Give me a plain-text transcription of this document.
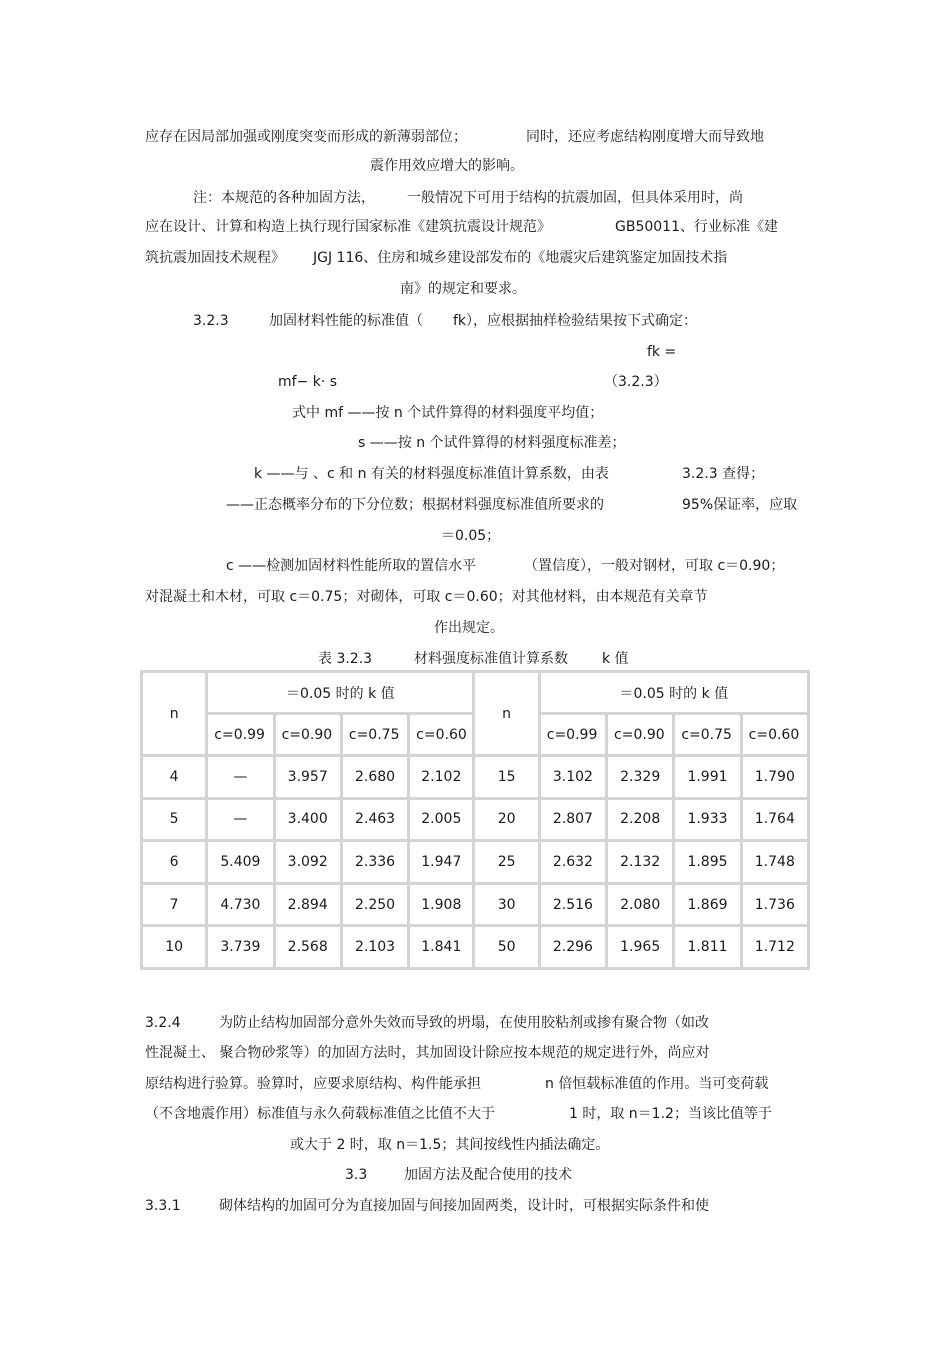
应存在因局部加强或刚度突变而形成的新薄弱部位；	同时，还应考虑结构刚度增大而导致地
震作用效应增大的影响。
注：本规范的各种加固方法， 一般情况下可用于结构的抗震加固，但具体采用时，尚
应在设计、计算和构造上执行现行国家标准《建筑抗震设计规范》	GB50011、行业标准《建
筑抗震加固技术规程》 JGJ 116、住房和城乡建设部发布的《地震灾后建筑鉴定加固技术指
南》的规定和要求。
3.2.3	加固材料性能的标准值（ fk），应根据抽样检验结果按下式确定：
fk =
mf− k· s	（3.2.3）
式中 mf ——按 n 个试件算得的材料强度平均值；
s ——按 n 个试件算得的材料强度标准差；
k ——与 、c 和 n 有关的材料强度标准值计算系数，由表	3.2.3 查得；
——正态概率分布的下分位数；根据材料强度标准值所要求的	95%保证率，应取
＝0.05；
c ——检测加固材料性能所取的置信水平	（置信度），一般对钢材，可取 c＝0.90；
对混凝土和木材，可取 c＝0.75；对砌体，可取 c＝0.60；对其他材料，由本规范有关章节
作出规定。
表 3.2.3	材料强度标准值计算系数 k 值
n	＝0.05 时的 k 值				n	＝0.05 时的 k 值			
	c=0.99	c=0.90	c=0.75	c=0.60		c=0.99	c=0.90	c=0.75	c=0.60
4	—	3.957	2.680	2.102	15	3.102	2.329	1.991	1.790
5	—	3.400	2.463	2.005	20	2.807	2.208	1.933	1.764
6	5.409	3.092	2.336	1.947	25	2.632	2.132	1.895	1.748
7	4.730	2.894	2.250	1.908	30	2.516	2.080	1.869	1.736
10	3.739	2.568	2.103	1.841	50	2.296	1.965	1.811	1.712
3.2.4	为防止结构加固部分意外失效而导致的坍塌，在使用胶粘剂或掺有聚合物（如改
性混凝土、 聚合物砂浆等）的加固方法时，其加固设计除应按本规范的规定进行外，尚应对
原结构进行验算。验算时，应要求原结构、构件能承担	n 倍恒载标准值的作用。当可变荷载
（不含地震作用）标准值与永久荷载标准值之比值不大于	1 时，取 n＝1.2；当该比值等于
或大于 2 时，取 n＝1.5；其间按线性内插法确定。
3.3	加固方法及配合使用的技术
3.3.1	砌体结构的加固可分为直接加固与间接加固两类，设计时，可根据实际条件和使
